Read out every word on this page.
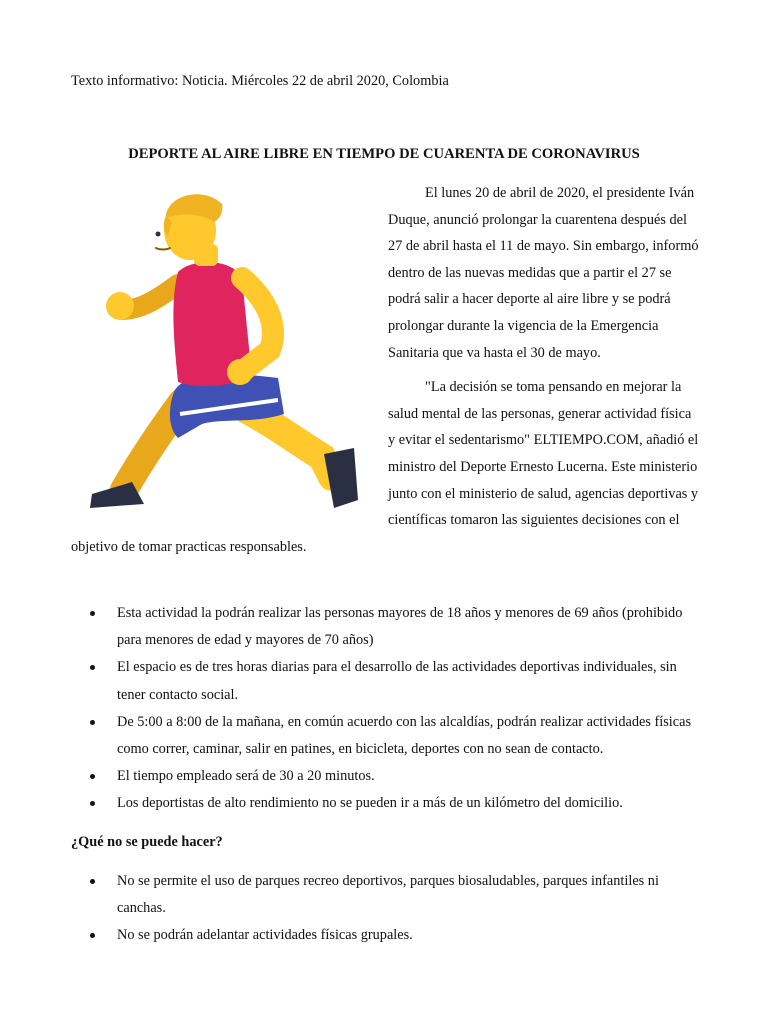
Texto informativo: Noticia. Miércoles 22 de abril 2020, Colombia
DEPORTE AL AIRE LIBRE EN TIEMPO DE CUARENTA DE CORONAVIRUS

El lunes 20 de abril de 2020, el presidente Iván Duque, anunció prolongar la cuarentena después del 27 de abril hasta el 11 de mayo. Sin embargo, informó dentro de las nuevas medidas que a partir el 27 se podrá salir a hacer deporte al aire libre y se podrá prolongar durante la vigencia de la Emergencia Sanitaria que va hasta el 30 de mayo.

"La decisión se toma pensando en mejorar la salud mental de las personas, generar actividad física y evitar el sedentarismo" ELTIEMPO.COM, añadió el ministro del Deporte Ernesto Lucerna. Este ministerio junto con el ministerio de salud, agencias deportivas y científicas tomaron las siguientes decisiones con el objetivo de tomar practicas responsables.

Esta actividad la podrán realizar las personas mayores de 18 años y menores de 69 años (prohibido para menores de edad y mayores de 70 años)
El espacio es de tres horas diarias para el desarrollo de las actividades deportivas individuales, sin tener contacto social.
De 5:00 a 8:00 de la mañana, en común acuerdo con las alcaldías, podrán realizar actividades físicas como correr, caminar, salir en patines, en bicicleta, deportes con no sean de contacto.
El tiempo empleado será de 30 a 20 minutos.
Los deportistas de alto rendimiento no se pueden ir a más de un kilómetro del domicilio.
¿Qué no se puede hacer?
No se permite el uso de parques recreo deportivos, parques biosaludables, parques infantiles ni canchas.
No se podrán adelantar actividades físicas grupales.
